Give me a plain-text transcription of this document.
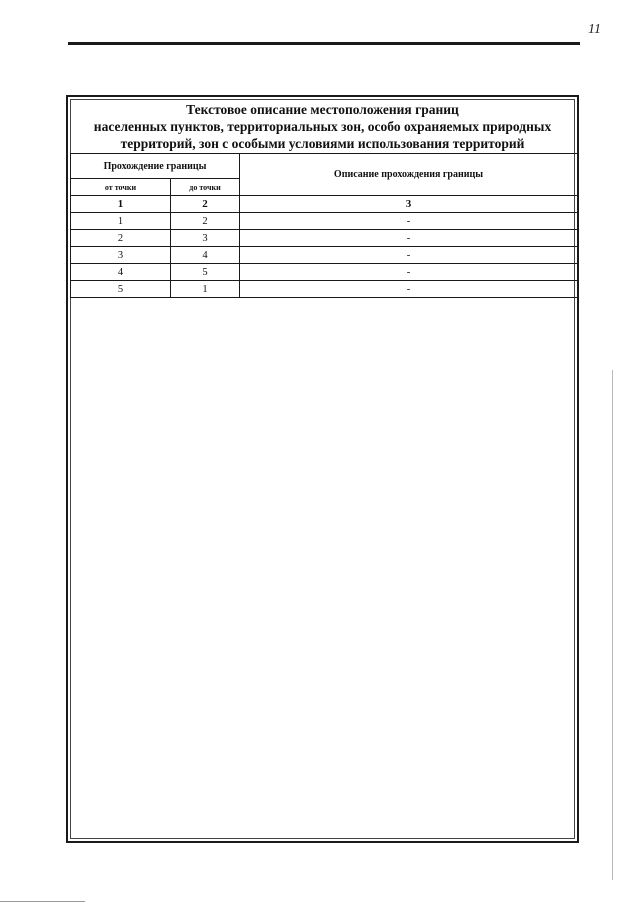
11
Текстовое описание местоположения границ
населенных пунктов, территориальных зон, особо охраняемых природных
территорий, зон с особыми условиями использования территорий
Прохождение границы		Описание прохождения границы
от точки	до точки	
1	2	3
1	2	-
2	3	-
3	4	-
4	5	-
5	1	-
